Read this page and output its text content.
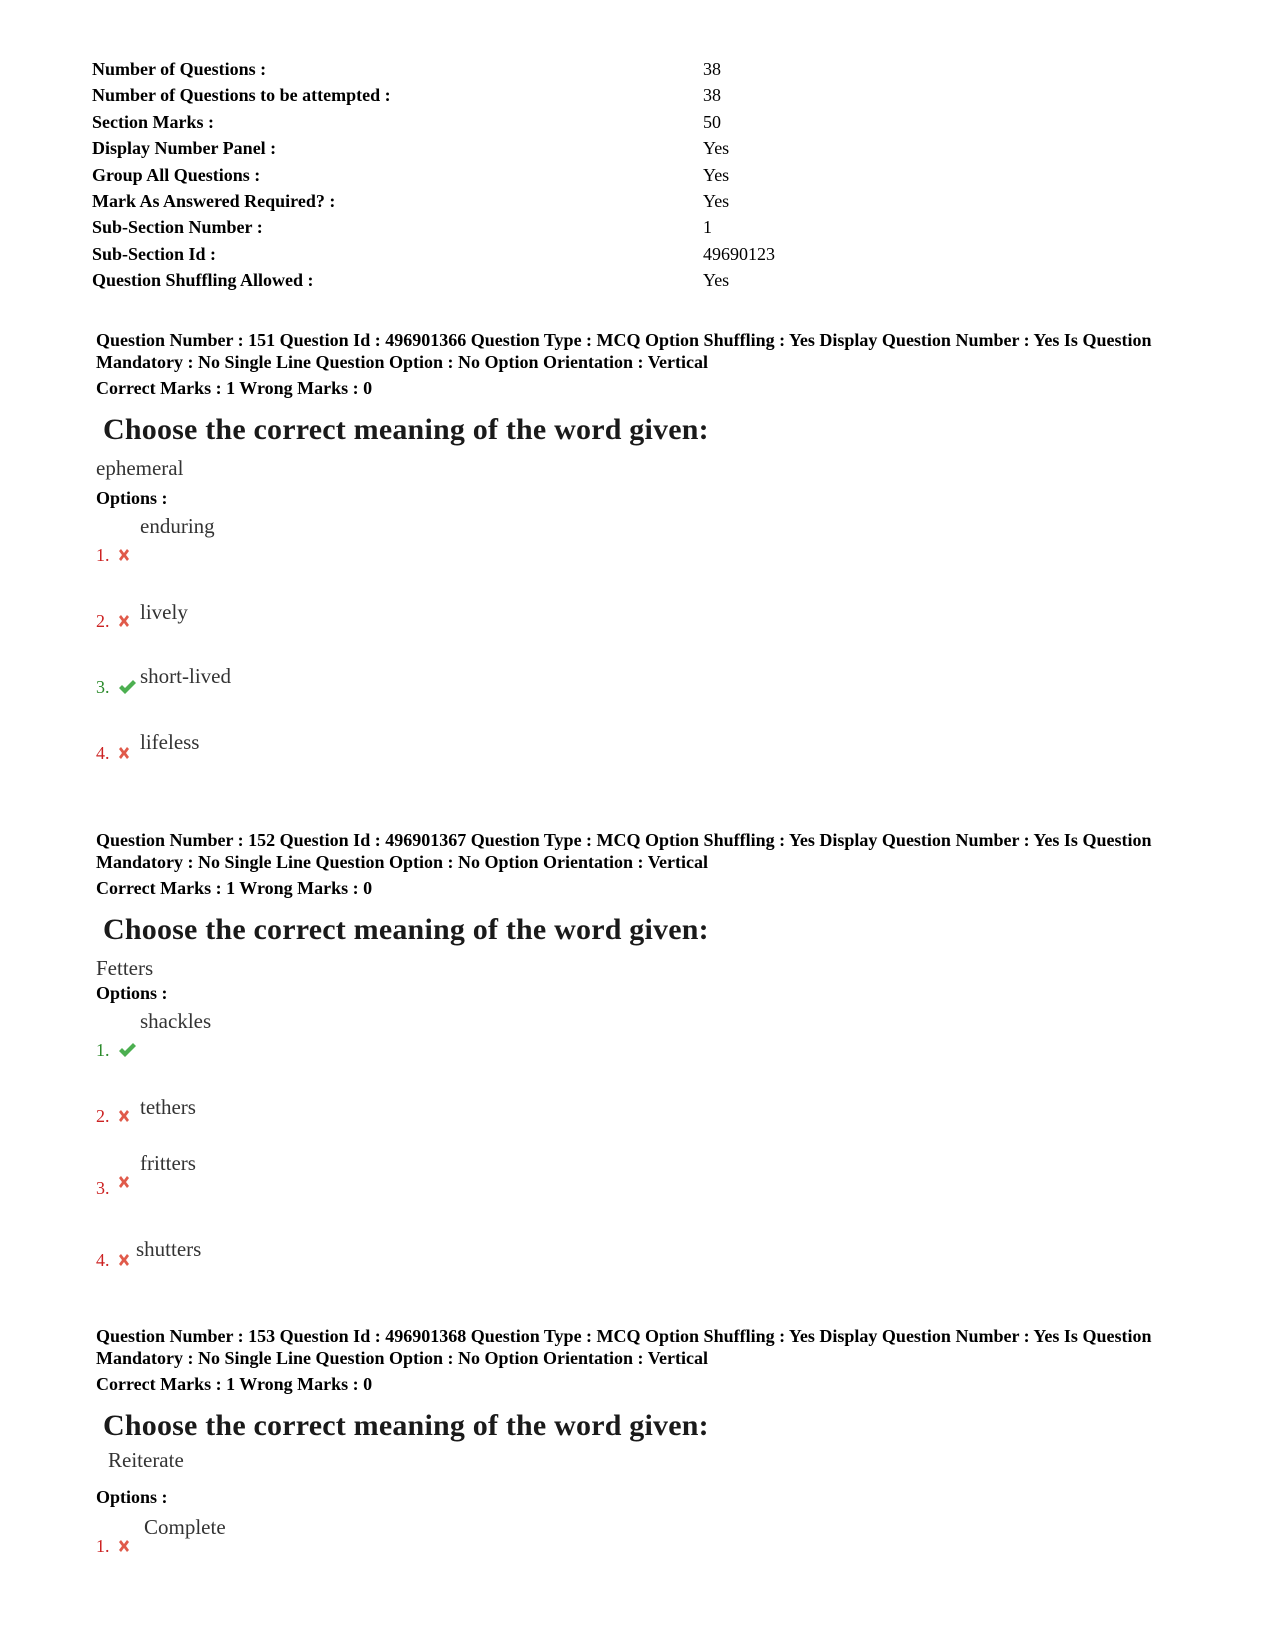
Number of Questions :	38
Number of Questions to be attempted :	38
Section Marks :	50
Display Number Panel :	Yes
Group All Questions :	Yes
Mark As Answered Required? :	Yes
Sub-Section Number :	1
Sub-Section Id :	49690123
Question Shuffling Allowed :	Yes
Question Number : 151 Question Id : 496901366 Question Type : MCQ Option Shuffling : Yes Display Question Number : Yes Is Question Mandatory : No Single Line Question Option : No Option Orientation : Vertical
Correct Marks : 1 Wrong Marks : 0
Choose the correct meaning of the word given:
ephemeral
Options :
1.
enduring
2. lively
3. short-lived
4. lifeless
Question Number : 152 Question Id : 496901367 Question Type : MCQ Option Shuffling : Yes Display Question Number : Yes Is Question Mandatory : No Single Line Question Option : No Option Orientation : Vertical
Correct Marks : 1 Wrong Marks : 0
Choose the correct meaning of the word given:
Fetters
Options :
1.
shackles
2. tethers
3.
fritters
4. shutters
Question Number : 153 Question Id : 496901368 Question Type : MCQ Option Shuffling : Yes Display Question Number : Yes Is Question Mandatory : No Single Line Question Option : No Option Orientation : Vertical
Correct Marks : 1 Wrong Marks : 0
Choose the correct meaning of the word given:
Reiterate
Options :
1.
Complete
